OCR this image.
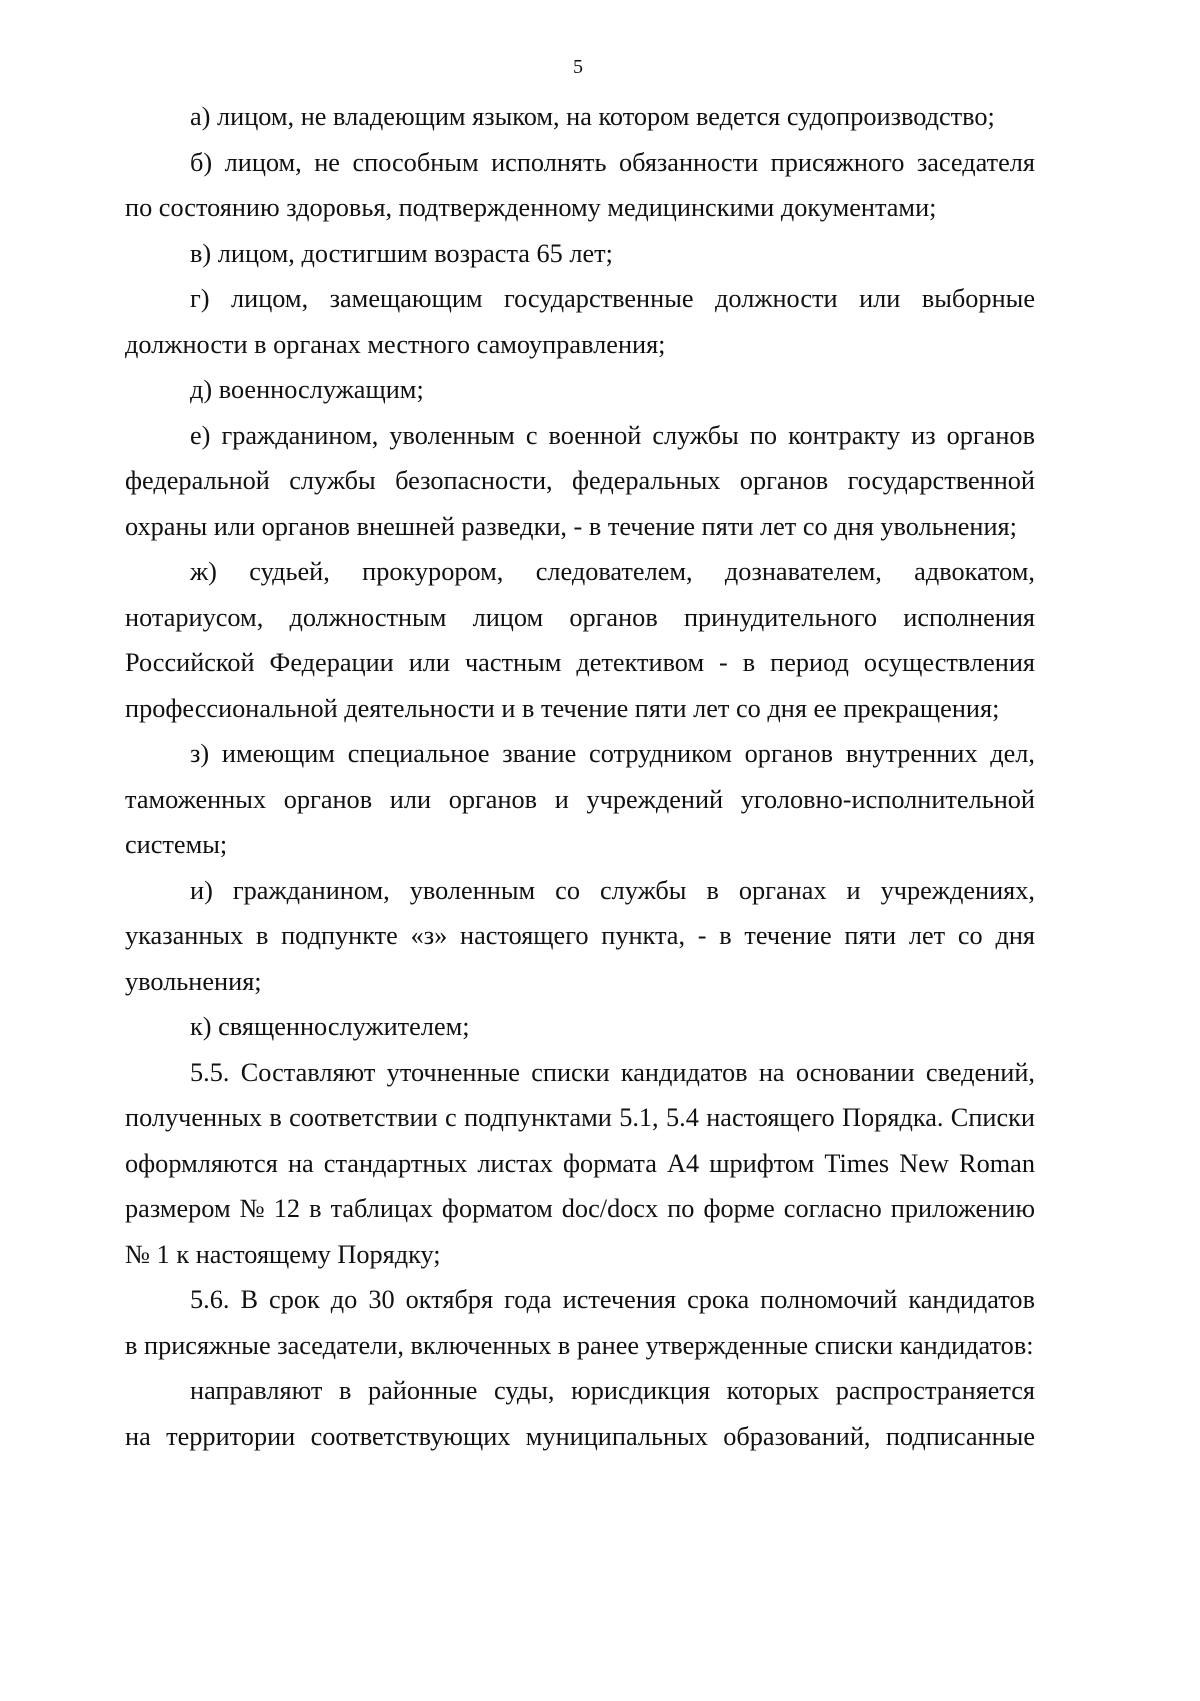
5
а) лицом, не владеющим языком, на котором ведется судопроизводство;
б) лицом, не способным исполнять обязанности присяжного заседателя
по состоянию здоровья, подтвержденному медицинскими документами;
в) лицом, достигшим возраста 65 лет;
г) лицом, замещающим государственные должности или выборные
должности в органах местного самоуправления;
д) военнослужащим;
е) гражданином, уволенным с военной службы по контракту из органов
федеральной службы безопасности, федеральных органов государственной
охраны или органов внешней разведки, - в течение пяти лет со дня увольнения;
ж) судьей, прокурором, следователем, дознавателем, адвокатом,
нотариусом, должностным лицом органов принудительного исполнения
Российской Федерации или частным детективом - в период осуществления
профессиональной деятельности и в течение пяти лет со дня ее прекращения;
з) имеющим специальное звание сотрудником органов внутренних дел,
таможенных органов или органов и учреждений уголовно-исполнительной
системы;
и) гражданином, уволенным со службы в органах и учреждениях,
указанных в подпункте «з» настоящего пункта, - в течение пяти лет со дня
увольнения;
к) священнослужителем;
5.5. Составляют уточненные списки кандидатов на основании сведений,
полученных в соответствии с подпунктами 5.1, 5.4 настоящего Порядка. Списки
оформляются на стандартных листах формата А4 шрифтом Times New Roman
размером № 12 в таблицах форматом doc/docx по форме согласно приложению
№ 1 к настоящему Порядку;
5.6. В срок до 30 октября года истечения срока полномочий кандидатов
в присяжные заседатели, включенных в ранее утвержденные списки кандидатов:
направляют в районные суды, юрисдикция которых распространяется
на территории соответствующих муниципальных образований, подписанные
